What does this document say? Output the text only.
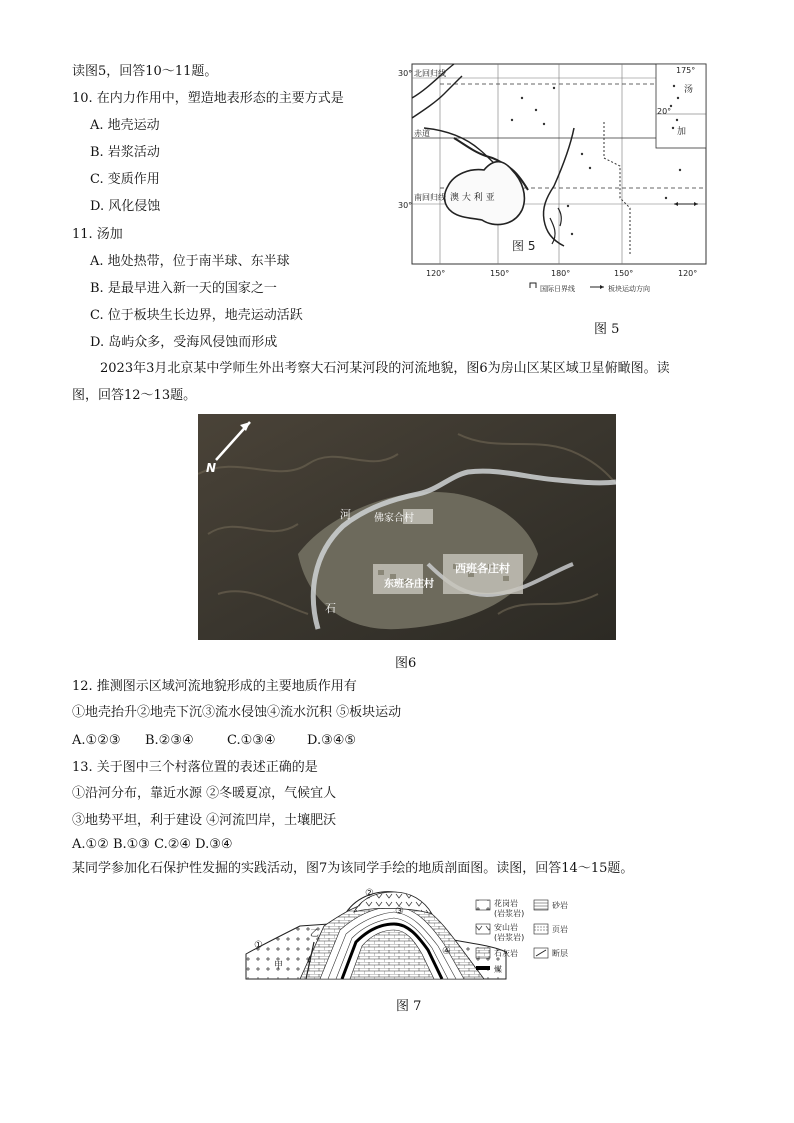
读图5，回答10～11题。
10. 在内力作用中，塑造地表形态的主要方式是
A. 地壳运动
B. 岩浆活动
C. 变质作用
D. 风化侵蚀
11. 汤加
A. 地处热带，位于南半球、东半球
B. 是最早进入新一天的国家之一
C. 位于板块生长边界，地壳运动活跃
D. 岛屿众多，受海风侵蚀而形成
30°
30°
北回归线
赤道
南回归线 澳 大 利 亚
图 5
175°
20°
汤
加
120°	150°	180°	150°	120°
国际日界线	板块运动方向
图 5
2023年3月北京某中学师生外出考察大石河某河段的河流地貌，图6为房山区某区域卫星俯瞰图。读
图，回答12～13题。
N
河
石
佛家合村
东班各庄村
西班各庄村
图6
12. 推测图示区域河流地貌形成的主要地质作用有
①地壳抬升②地壳下沉③流水侵蚀④流水沉积 ⑤板块运动
A.①②③ B.②③④	C.①③④ D.③④⑤
13. 关于图中三个村落位置的表述正确的是
①沿河分布，靠近水源 ②冬暖夏凉，气候宜人
③地势平坦，利于建设 ④河流凹岸，土壤肥沃
A.①② B.①③ C.②④ D.③④
某同学参加化石保护性发掘的实践活动，图7为该同学手绘的地质剖面图。读图，回答14～15题。
①
②
③
④
甲
乙
花岗岩
(岩浆岩)
砂岩
安山岩
(岩浆岩)
页岩
石灰岩	断层
煤
图 7
